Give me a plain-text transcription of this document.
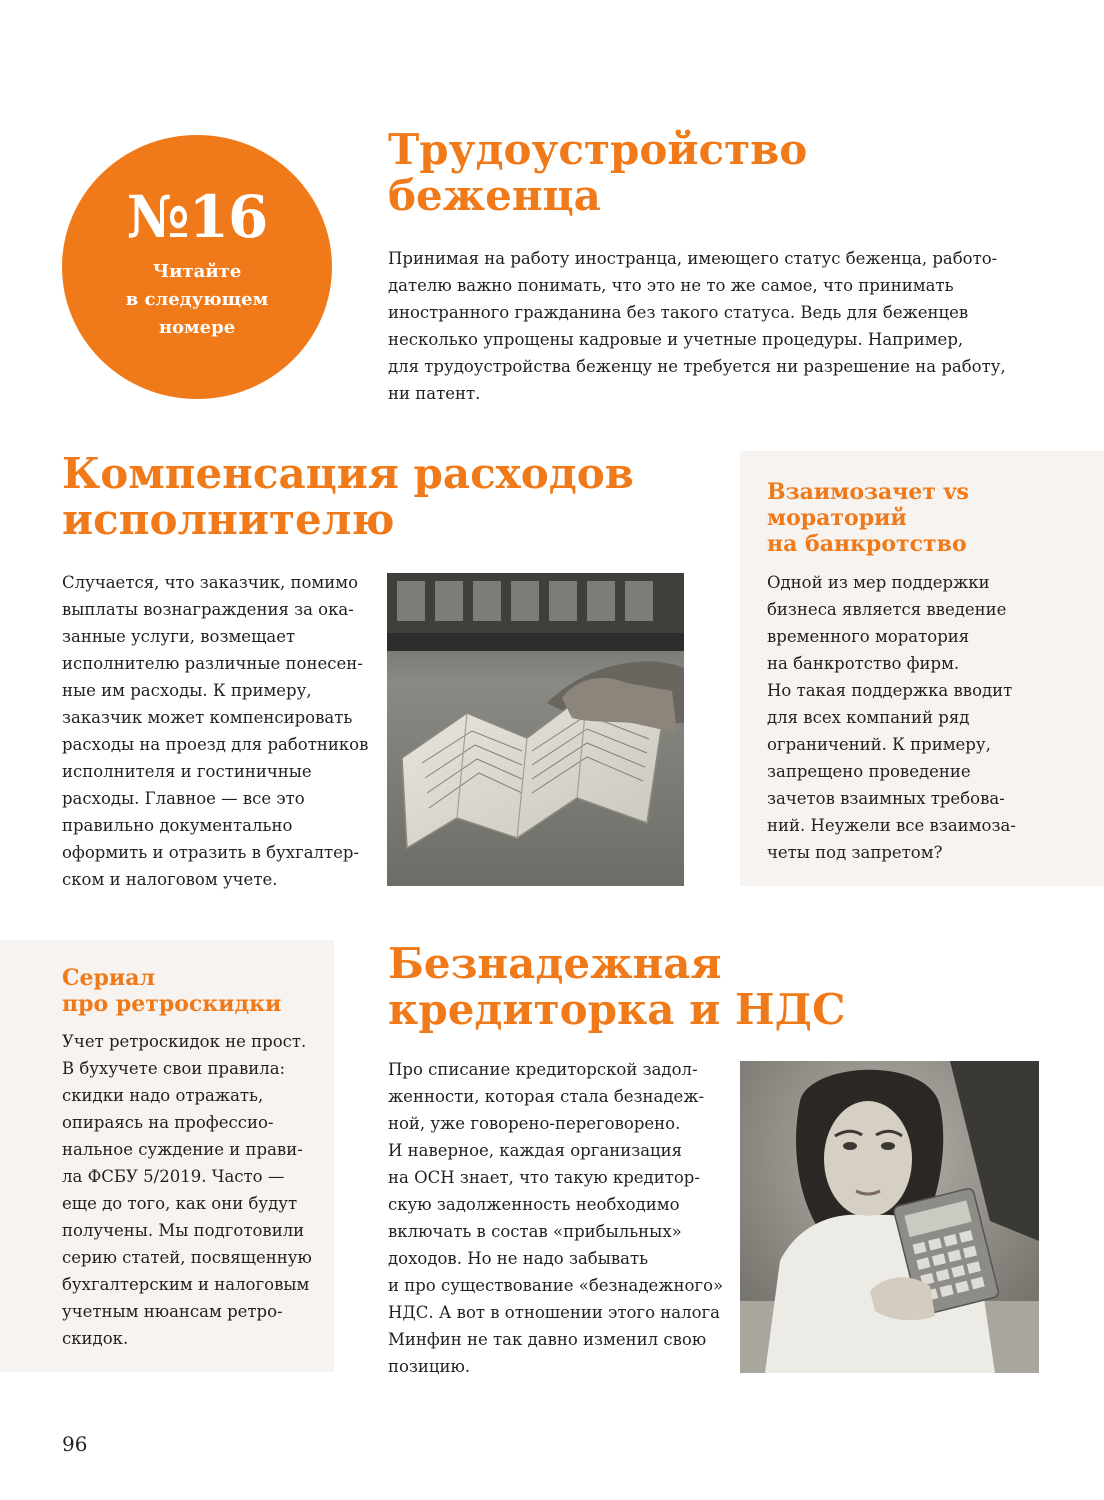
№16
Читайте
в следующем
номере
Трудоустройство
беженца
Принимая на работу иностранца, имеющего статус беженца, работо-
дателю важно понимать, что это не то же самое, что принимать
иностранного гражданина без такого статуса. Ведь для беженцев
несколько упрощены кадровые и учетные процедуры. Например,
для трудоустройства беженцу не требуется ни разрешение на работу,
ни патент.
Компенсация расходов
исполнителю
Случается, что заказчик, помимо
выплаты вознаграждения за ока-
занные услуги, возмещает
исполнителю различные понесен-
ные им расходы. К примеру,
заказчик может компенсировать
расходы на проезд для работников
исполнителя и гостиничные
расходы. Главное — все это
правильно документально
оформить и отразить в бухгалтер-
ском и налоговом учете.
Взаимозачет vs
мораторий
на банкротство
Одной из мер поддержки
бизнеса является введение
временного моратория
на банкротство фирм.
Но такая поддержка вводит
для всех компаний ряд
ограничений. К примеру,
запрещено проведение
зачетов взаимных требова-
ний. Неужели все взаимоза-
четы под запретом?
Сериал
про ретроскидки
Учет ретроскидок не прост.
В бухучете свои правила:
скидки надо отражать,
опираясь на профессио-
нальное суждение и прави-
ла ФСБУ 5/2019. Часто —
еще до того, как они будут
получены. Мы подготовили
серию статей, посвященную
бухгалтерским и налоговым
учетным нюансам ретро-
скидок.
Безнадежная
кредиторка и НДС
Про списание кредиторской задол-
женности, которая стала безнадеж-
ной, уже говорено-переговорено.
И наверное, каждая организация
на ОСН знает, что такую кредитор-
скую задолженность необходимо
включать в состав «прибыльных»
доходов. Но не надо забывать
и про существование «безнадежного»
НДС. А вот в отношении этого налога
Минфин не так давно изменил свою
позицию.
96
